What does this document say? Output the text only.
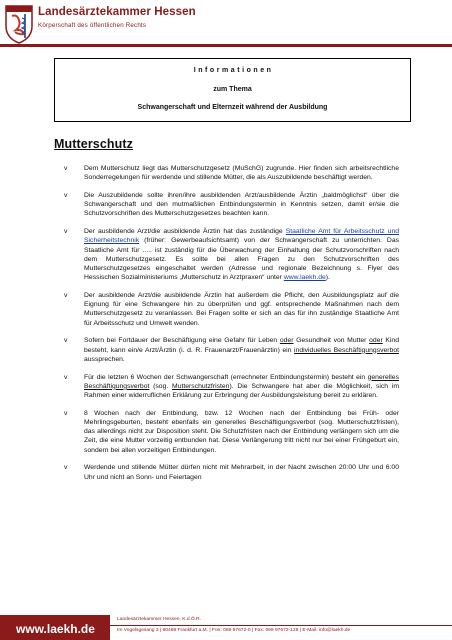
Landesärztekammer Hessen
Körperschaft des öffentlichen Rechts
I n f o r m a t i o n e n
zum Thema
Schwangerschaft und Elternzeit während der Ausbildung
Mutterschutz
v Dem Mutterschutz liegt das Mutterschutzgesetz (MuSchG) zugrunde. Hier finden sich arbeitsrechtliche Sonderregelungen für werdende und stillende Mütter, die als Auszubildende beschäftigt werden.
v Die Auszubildende sollte ihren/ihre ausbildenden Arzt/ausbildende Ärztin „baldmöglichst“ über die Schwangerschaft und den mutmaßlichen Entbindungstermin in Kenntnis setzen, damit er/sie die Schutzvorschriften des Mutterschutzgesetzes beachten kann.
v Der ausbildende Arzt/die ausbildende Ärztin hat das zuständige Staatliche Amt für Arbeitsschutz und Sicherheitstechnik (früher: Gewerbeaufsichtsamt) von der Schwangerschaft zu unterrichten. Das Staatliche Amt für ..... ist zuständig für die Überwachung der Einhaltung der Schutzvorschriften nach dem Mutterschutzgesetz. Es sollte bei allen Fragen zu den Schutzvorschriften des Mutterschutzgesetzes eingeschaltet werden (Adresse und regionale Bezeichnung s. Flyer des Hessischen Sozialministeriums „Mutterschutz in Arztpraxen“ unter www.laekh.de).
v Der ausbildende Arzt/die ausbildende Ärztin hat außerdem die Pflicht, den Ausbildungsplatz auf die Eignung für eine Schwangere hin zu überprüfen und ggf. entsprechende Maßnahmen nach dem Mutterschutzgesetz zu veranlassen. Bei Fragen sollte er sich an das für ihn zuständige Staatliche Amt für Arbeitsschutz und Umwelt wenden.
v Sofern bei Fortdauer der Beschäftigung eine Gefahr für Leben oder Gesundheit von Mutter oder Kind besteht, kann ein/e Arzt/Ärztin (i. d. R. Frauenarzt/Frauenärztin) ein individuelles Beschäftigungsverbot aussprechen.
v Für die letzten 6 Wochen der Schwangerschaft (errechneter Entbindungstermin) besteht ein generelles Beschäftigungsverbot (sog. Mutterschutzfristen). Die Schwangere hat aber die Möglichkeit, sich im Rahmen einer widerruflichen Erklärung zur Erbringung der Ausbildungsleistung bereit zu erklären.
v 8 Wochen nach der Entbindung, bzw. 12 Wochen nach der Entbindung bei Früh- oder Mehrlingsgeburten, besteht ebenfalls ein generelles Beschäftigungsverbot (sog. Mutterschutzfristen), das allerdings nicht zur Disposition steht. Die Schutzfristen nach der Entbindung verlängern sich um die Zeit, die eine Mutter vorzeitig entbunden hat. Diese Verlängerung tritt nicht nur bei einer Frühgeburt ein, sondern bei allen vorzeitigen Entbindungen.
v Werdende und stillende Mütter dürfen nicht mit Mehrarbeit, in der Nacht zwischen 20:00 Uhr und 6:00 Uhr und nicht an Sonn- und Feiertagen
www.laekh.de
Landesärztekammer Hessen, K.d.Ö.R.
Im Vogelsgesang 3 | 60488 Frankfurt a.M. | Fon: 069 97672-0 | Fax: 069 97672-128 | E-Mail: info@laekh.de
